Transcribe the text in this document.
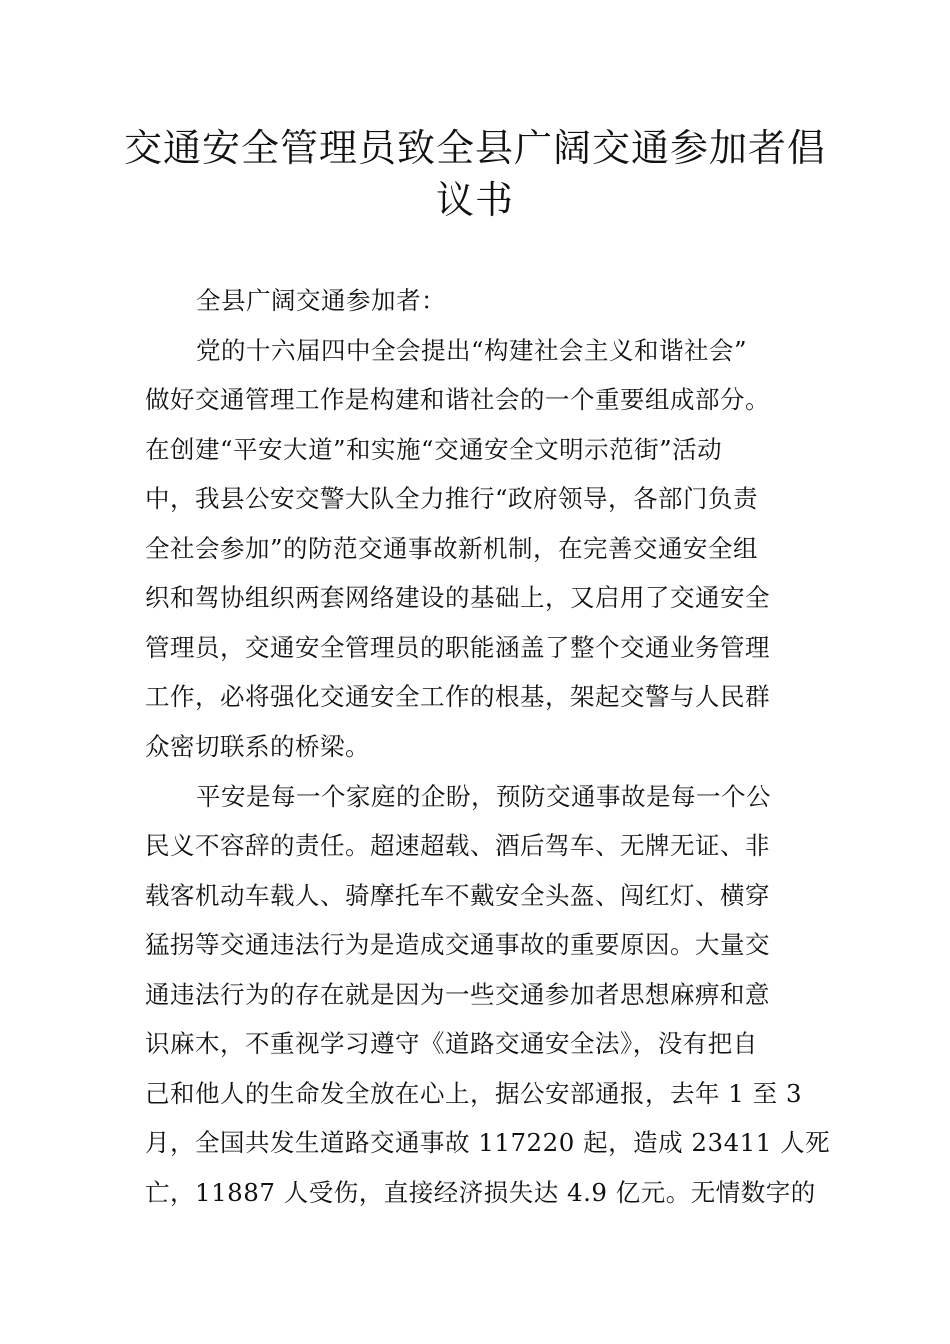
交通安全管理员致全县广阔交通参加者倡
议书
全县广阔交通参加者：
党的十六届四中全会提出“构建社会主义和谐社会”
做好交通管理工作是构建和谐社会的一个重要组成部分。
在创建“平安大道”和实施“交通安全文明示范街”活动
中，我县公安交警大队全力推行“政府领导，各部门负责
全社会参加”的防范交通事故新机制，在完善交通安全组
织和驾协组织两套网络建设的基础上，又启用了交通安全
管理员，交通安全管理员的职能涵盖了整个交通业务管理
工作，必将强化交通安全工作的根基，架起交警与人民群
众密切联系的桥梁。
平安是每一个家庭的企盼，预防交通事故是每一个公
民义不容辞的责任。超速超载、酒后驾车、无牌无证、非
载客机动车载人、骑摩托车不戴安全头盔、闯红灯、横穿
猛拐等交通违法行为是造成交通事故的重要原因。大量交
通违法行为的存在就是因为一些交通参加者思想麻痹和意
识麻木，不重视学习遵守《道路交通安全法》，没有把自
己和他人的生命发全放在心上，据公安部通报，去年 1 至 3
月，全国共发生道路交通事故 117220 起，造成 23411 人死
亡，11887 人受伤，直接经济损失达 4.9 亿元。无情数字的
